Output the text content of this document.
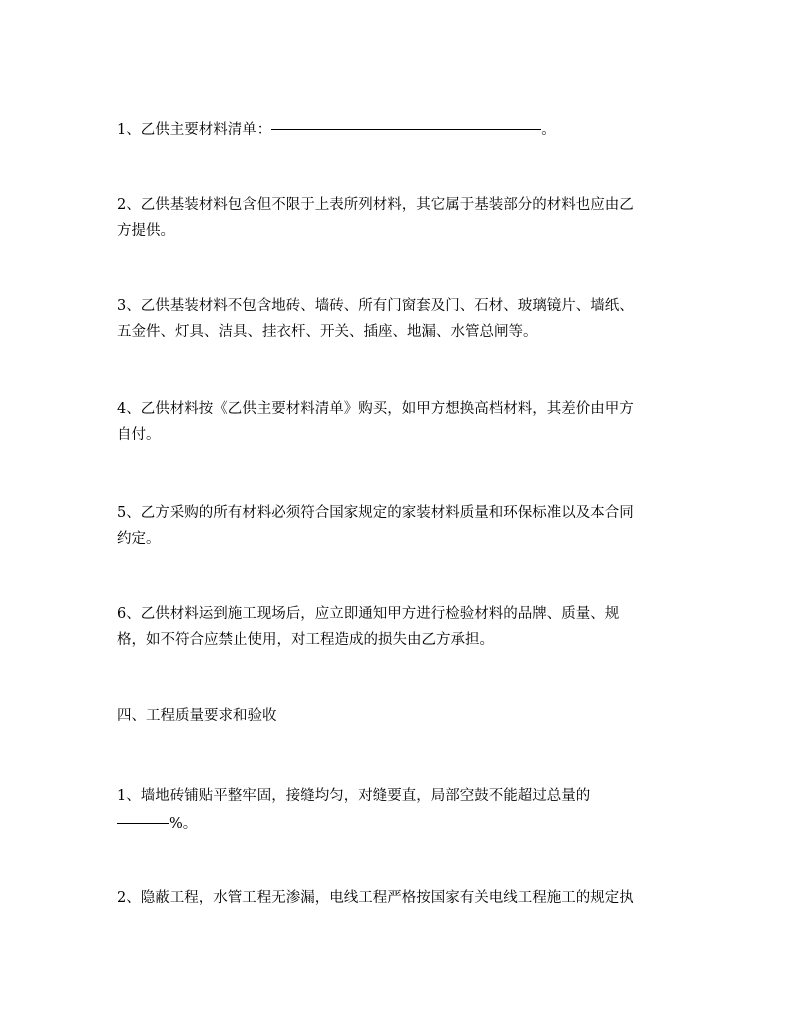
1、乙供主要材料清单：	。

2、乙供基装材料包含但不限于上表所列材料，其它属于基装部分的材料也应由乙
方提供。

3、乙供基装材料不包含地砖、墙砖、所有门窗套及门、石材、玻璃镜片、墙纸、
五金件、灯具、洁具、挂衣杆、开关、插座、地漏、水管总闸等。

4、乙供材料按《乙供主要材料清单》购买，如甲方想换高档材料，其差价由甲方
自付。

5、乙方采购的所有材料必须符合国家规定的家装材料质量和环保标准以及本合同
约定。

6、乙供材料运到施工现场后，应立即通知甲方进行检验材料的品牌、质量、规
格，如不符合应禁止使用，对工程造成的损失由乙方承担。

四、工程质量要求和验收

1、墙地砖铺贴平整牢固，接缝均匀，对缝要直，局部空鼓不能超过总量的
%。

2、隐蔽工程，水管工程无渗漏，电线工程严格按国家有关电线工程施工的规定执
